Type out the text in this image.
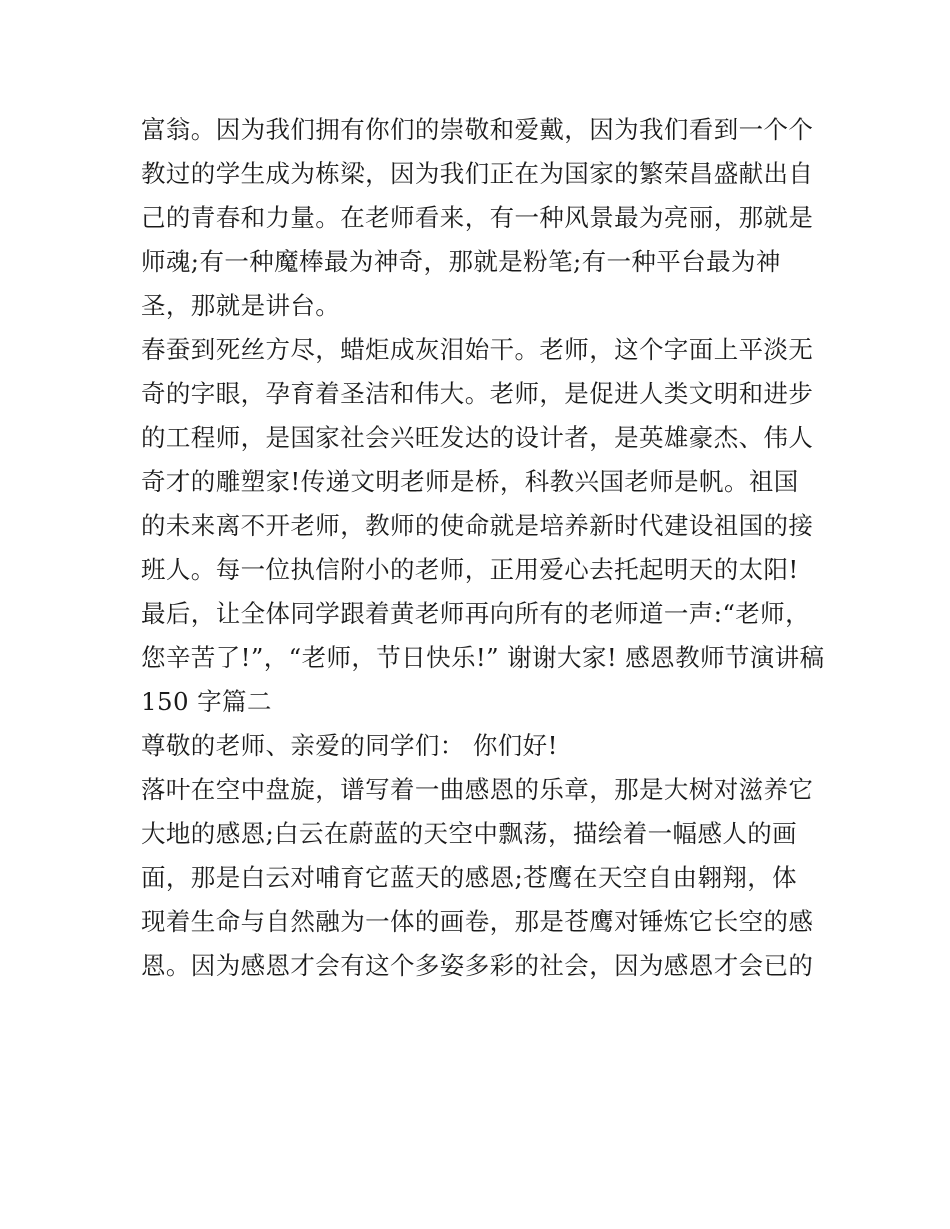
富翁。因为我们拥有你们的崇敬和爱戴，因为我们看到一个个
教过的学生成为栋梁，因为我们正在为国家的繁荣昌盛献出自
己的青春和力量。在老师看来，有一种风景最为亮丽，那就是
师魂;有一种魔棒最为神奇，那就是粉笔;有一种平台最为神
圣，那就是讲台。
春蚕到死丝方尽，蜡炬成灰泪始干。老师，这个字面上平淡无
奇的字眼，孕育着圣洁和伟大。老师，是促进人类文明和进步
的工程师，是国家社会兴旺发达的设计者，是英雄豪杰、伟人
奇才的雕塑家!传递文明老师是桥，科教兴国老师是帆。祖国
的未来离不开老师，教师的使命就是培养新时代建设祖国的接
班人。每一位执信附小的老师，正用爱心去托起明天的太阳!
最后，让全体同学跟着黄老师再向所有的老师道一声:“老师，
您辛苦了!”，“老师，节日快乐!” 谢谢大家! 感恩教师节演讲稿
150 字篇二
尊敬的老师、亲爱的同学们： 你们好!
落叶在空中盘旋，谱写着一曲感恩的乐章，那是大树对滋养它
大地的感恩;白云在蔚蓝的天空中飘荡，描绘着一幅感人的画
面，那是白云对哺育它蓝天的感恩;苍鹰在天空自由翱翔，体
现着生命与自然融为一体的画卷，那是苍鹰对锤炼它长空的感
恩。因为感恩才会有这个多姿多彩的社会，因为感恩才会已的
